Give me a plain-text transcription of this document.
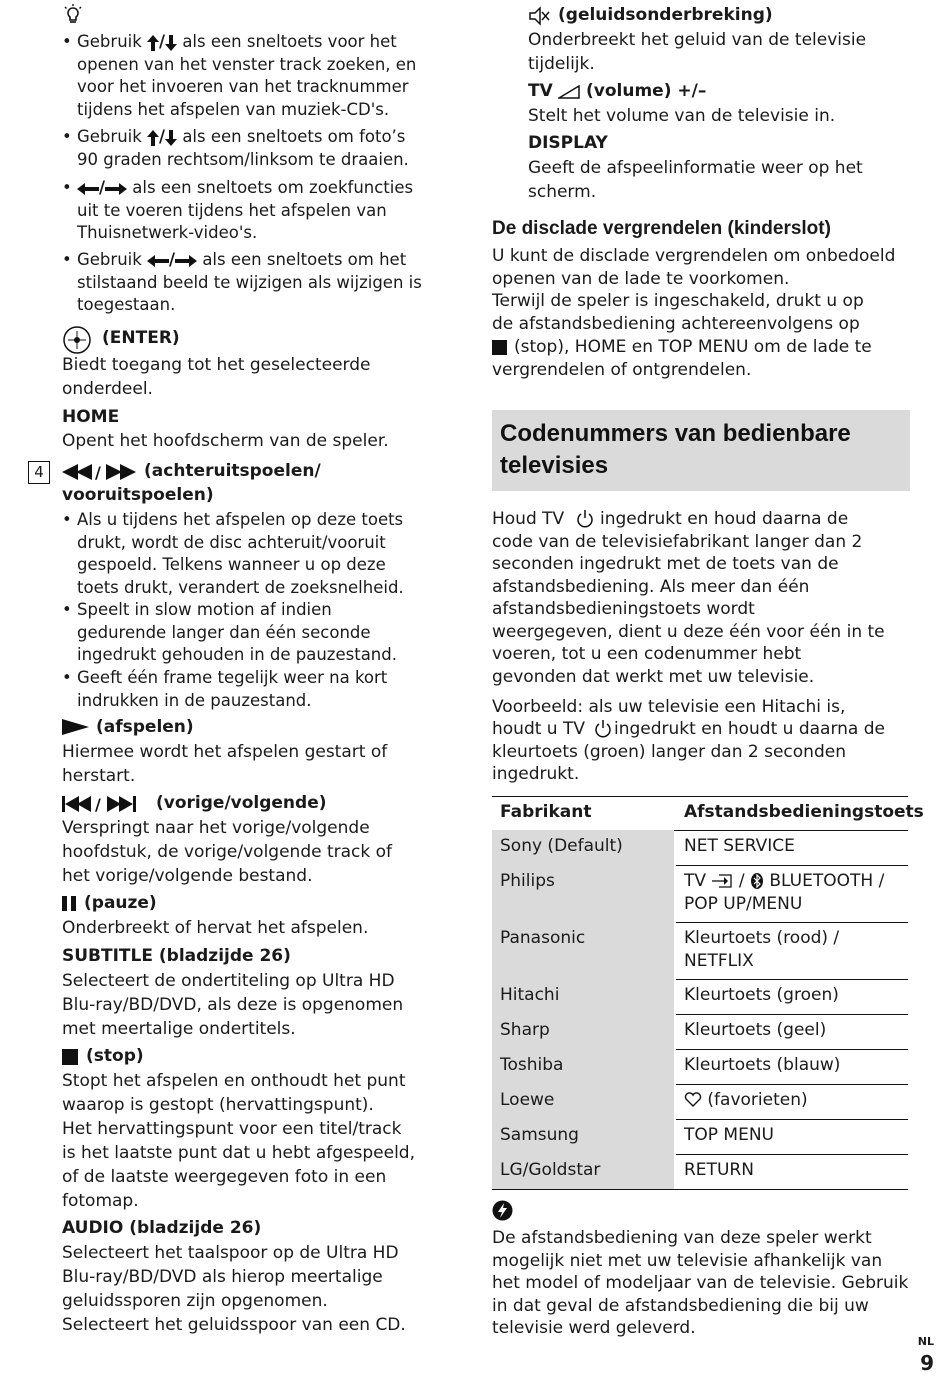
• Gebruik / als een sneltoets voor het
openen van het venster track zoeken, en
voor het invoeren van het tracknummer
tijdens het afspelen van muziek-CD's.
• Gebruik / als een sneltoets om foto’s
90 graden rechtsom/linksom te draaien.
•	/ als een sneltoets om zoekfuncties
uit te voeren tijdens het afspelen van
Thuisnetwerk-video's.
• Gebruik / als een sneltoets om het
stilstaand beeld te wijzigen als wijzigen is
toegestaan.
(ENTER)
Biedt toegang tot het geselecteerde
onderdeel.
HOME
Opent het hoofdscherm van de speler.
4	/	(achteruitspoelen/
vooruitspoelen)
• Als u tijdens het afspelen op deze toets
drukt, wordt de disc achteruit/vooruit
gespoeld. Telkens wanneer u op deze
toets drukt, verandert de zoeksnelheid.
• Speelt in slow motion af indien
gedurende langer dan één seconde
ingedrukt gehouden in de pauzestand.
• Geeft één frame tegelijk weer na kort
indrukken in de pauzestand.
(afspelen)
Hiermee wordt het afspelen gestart of
herstart.
/	(vorige/volgende)
Verspringt naar het vorige/volgende
hoofdstuk, de vorige/volgende track of
het vorige/volgende bestand.
(pauze)
Onderbreekt of hervat het afspelen.
SUBTITLE (bladzijde 26)
Selecteert de ondertiteling op Ultra HD
Blu-ray/BD/DVD, als deze is opgenomen
met meertalige ondertitels.
(stop)
Stopt het afspelen en onthoudt het punt
waarop is gestopt (hervattingspunt).
Het hervattingspunt voor een titel/track
is het laatste punt dat u hebt afgespeeld,
of de laatste weergegeven foto in een
fotomap.
AUDIO (bladzijde 26)
Selecteert het taalspoor op de Ultra HD
Blu-ray/BD/DVD als hierop meertalige
geluidssporen zijn opgenomen.
Selecteert het geluidsspoor van een CD.
(geluidsonderbreking)
Onderbreekt het geluid van de televisie
tijdelijk.
TV (volume) +/–
Stelt het volume van de televisie in.
DISPLAY
Geeft de afspeelinformatie weer op het
scherm.
De disclade vergrendelen (kinderslot)
U kunt de disclade vergrendelen om onbedoeld
openen van de lade te voorkomen.
Terwijl de speler is ingeschakeld, drukt u op
de afstandsbediening achtereenvolgens op
(stop), HOME en TOP MENU om de lade te
vergrendelen of ontgrendelen.
Codenummers van bedienbare
televisies
Houd TV ingedrukt en houd daarna de
code van de televisiefabrikant langer dan 2
seconden ingedrukt met de toets van de
afstandsbediening. Als meer dan één
afstandsbedieningstoets wordt
weergegeven, dient u deze één voor één in te
voeren, tot u een codenummer hebt
gevonden dat werkt met uw televisie.
Voorbeeld: als uw televisie een Hitachi is,
houdt u TV ingedrukt en houdt u daarna de
kleurtoets (groen) langer dan 2 seconden
ingedrukt.
Fabrikant	Afstandsbedieningstoets
Sony (Default)	NET SERVICE
Philips	TV / BLUETOOTH /
POP UP/MENU
Panasonic	Kleurtoets (rood) /
NETFLIX
Hitachi	Kleurtoets (groen)
Sharp	Kleurtoets (geel)
Toshiba	Kleurtoets (blauw)
Loewe	(favorieten)
Samsung	TOP MENU
LG/Goldstar	RETURN
De afstandsbediening van deze speler werkt
mogelijk niet met uw televisie afhankelijk van
het model of modeljaar van de televisie. Gebruik
in dat geval de afstandsbediening die bij uw
televisie werd geleverd.
NL
9
